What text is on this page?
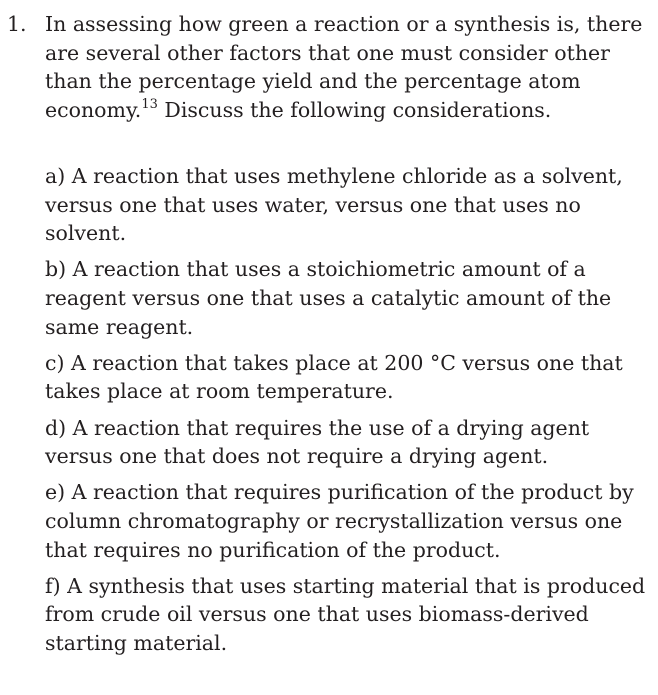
1. In assessing how green a reaction or a synthesis is, there are several other factors that one must consider other than the percentage yield and the percentage atom economy.$^{13}$ Discuss the following considerations.
a) A reaction that uses methylene chloride as a solvent, versus one that uses water, versus one that uses no solvent.
b) A reaction that uses a stoichiometric amount of a reagent versus one that uses a catalytic amount of the same reagent.
c) A reaction that takes place at 200 °C versus one that takes place at room temperature.
d) A reaction that requires the use of a drying agent versus one that does not require a drying agent.
e) A reaction that requires purification of the product by column chromatography or recrystallization versus one that requires no purification of the product.
f) A synthesis that uses starting material that is produced from crude oil versus one that uses biomass-derived starting material.
